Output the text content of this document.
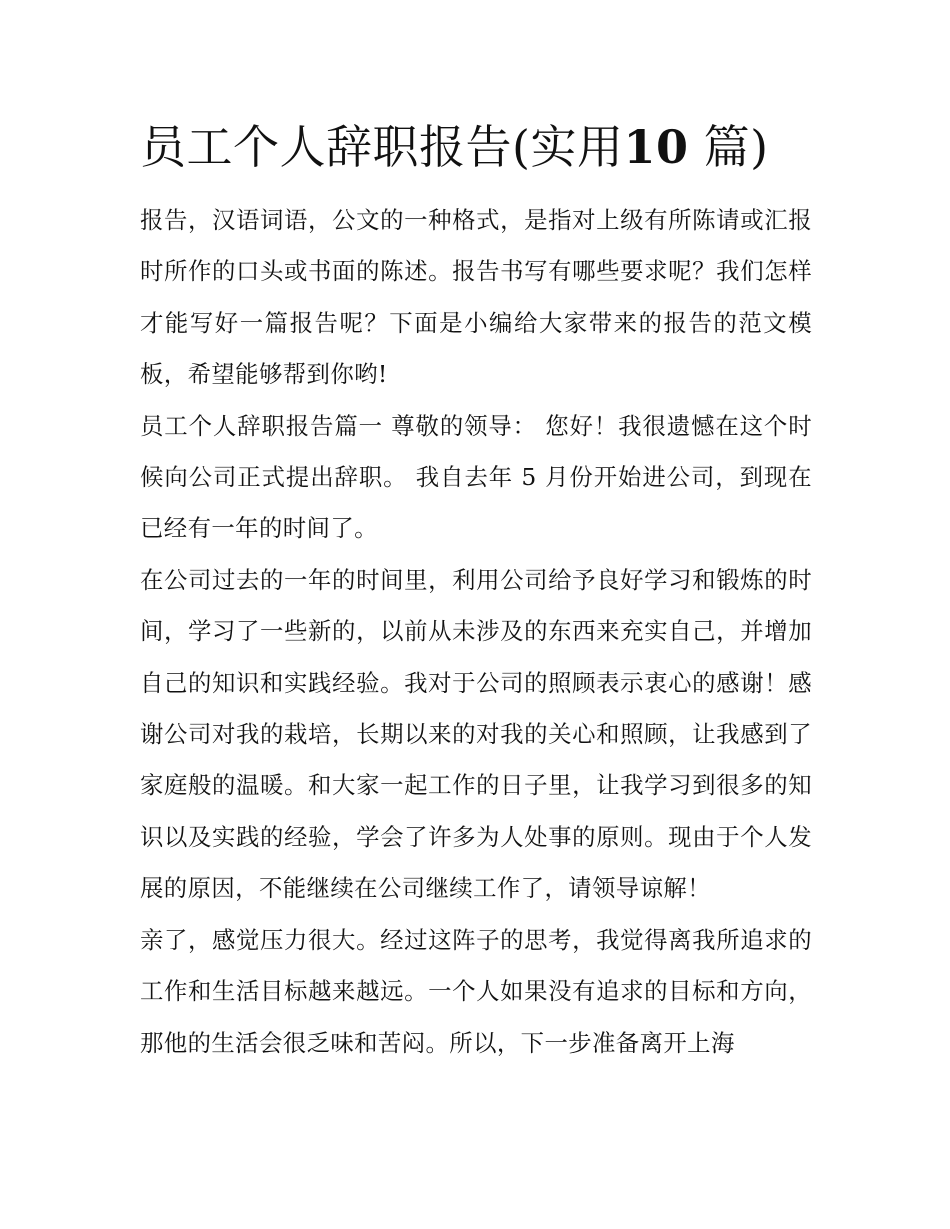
员工个人辞职报告(实用10 篇)

报告，汉语词语，公文的一种格式，是指对上级有所陈请或汇报时所作的口头或书面的陈述。报告书写有哪些要求呢？我们怎样才能写好一篇报告呢？下面是小编给大家带来的报告的范文模板，希望能够帮到你哟!

员工个人辞职报告篇一 尊敬的领导： 您好！我很遗憾在这个时候向公司正式提出辞职。 我自去年 5 月份开始进公司，到现在已经有一年的时间了。

在公司过去的一年的时间里，利用公司给予良好学习和锻炼的时间，学习了一些新的，以前从未涉及的东西来充实自己，并增加自己的知识和实践经验。我对于公司的照顾表示衷心的感谢！感谢公司对我的栽培，长期以来的对我的关心和照顾，让我感到了家庭般的温暖。和大家一起工作的日子里，让我学习到很多的知识以及实践的经验，学会了许多为人处事的原则。现由于个人发展的原因，不能继续在公司继续工作了，请领导谅解！

亲了，感觉压力很大。经过这阵子的思考，我觉得离我所追求的工作和生活目标越来越远。一个人如果没有追求的目标和方向，那他的生活会很乏味和苦闷。所以，下一步准备离开上海
